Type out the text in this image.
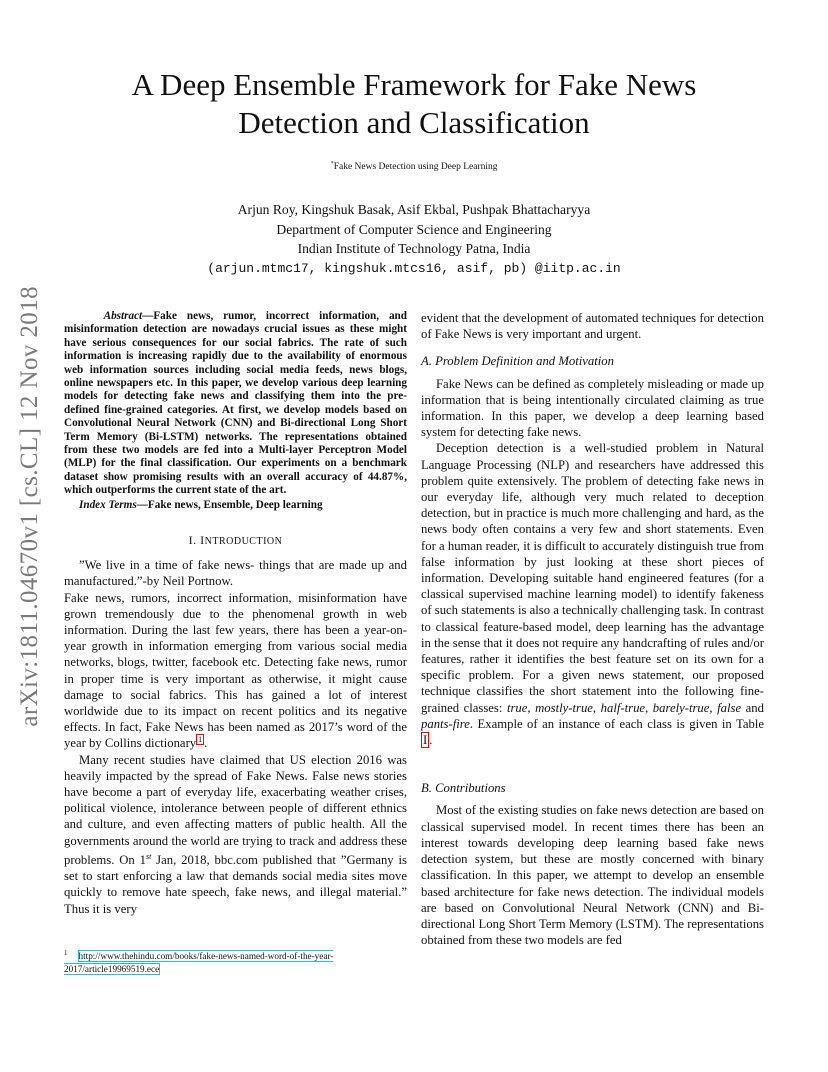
arXiv:1811.04670v1 [cs.CL] 12 Nov 2018
A Deep Ensemble Framework for Fake News
Detection and Classification
*Fake News Detection using Deep Learning
Arjun Roy, Kingshuk Basak, Asif Ekbal, Pushpak Bhattacharyya
Department of Computer Science and Engineering
Indian Institute of Technology Patna, India
(arjun.mtmc17, kingshuk.mtcs16, asif, pb) @iitp.ac.in

Abstract—Fake news, rumor, incorrect information, and misinformation detection are nowadays crucial issues as these might have serious consequences for our social fabrics. The rate of such information is increasing rapidly due to the availability of enormous web information sources including social media feeds, news blogs, online newspapers etc. In this paper, we develop various deep learning models for detecting fake news and classifying them into the pre-defined fine-grained categories. At first, we develop models based on Convolutional Neural Network (CNN) and Bi-directional Long Short Term Memory (Bi-LSTM) networks. The representations obtained from these two models are fed into a Multi-layer Perceptron Model (MLP) for the final classification. Our experiments on a benchmark dataset show promising results with an overall accuracy of 44.87%, which outperforms the current state of the art.

Index Terms—Fake news, Ensemble, Deep learning

I. INTRODUCTION

”We live in a time of fake news- things that are made up and manufactured.”-by Neil Portnow.

Fake news, rumors, incorrect information, misinformation have grown tremendously due to the phenomenal growth in web information. During the last few years, there has been a year-on-year growth in information emerging from various social media networks, blogs, twitter, facebook etc. Detecting fake news, rumor in proper time is very important as otherwise, it might cause damage to social fabrics. This has gained a lot of interest worldwide due to its impact on recent politics and its negative effects. In fact, Fake News has been named as 2017’s word of the year by Collins dictionary $^1$ .

Many recent studies have claimed that US election 2016 was heavily impacted by the spread of Fake News. False news stories have become a part of everyday life, exacerbating weather crises, political violence, intolerance between people of different ethnics and culture, and even affecting matters of public health. All the governments around the world are trying to track and address these problems. On 1st Jan, 2018, bbc.com published that ”Germany is set to start enforcing a law that demands social media sites move quickly to remove hate speech, fake news, and illegal material.” Thus it is very

$^1$ http://www.thehindu.com/books/fake-news-named-word-of-the-year-2017/article19969519.ece

evident that the development of automated techniques for detection of Fake News is very important and urgent.

A. Problem Definition and Motivation

Fake News can be defined as completely misleading or made up information that is being intentionally circulated claiming as true information. In this paper, we develop a deep learning based system for detecting fake news.

Deception detection is a well-studied problem in Natural Language Processing (NLP) and researchers have addressed this problem quite extensively. The problem of detecting fake news in our everyday life, although very much related to deception detection, but in practice is much more challenging and hard, as the news body often contains a very few and short statements. Even for a human reader, it is difficult to accurately distinguish true from false information by just looking at these short pieces of information. Developing suitable hand engineered features (for a classical supervised machine learning model) to identify fakeness of such statements is also a technically challenging task. In contrast to classical feature-based model, deep learning has the advantage in the sense that it does not require any handcrafting of rules and/or features, rather it identifies the best feature set on its own for a specific problem. For a given news statement, our proposed technique classifies the short statement into the following fine-grained classes: true, mostly-true, half-true, barely-true, false and pants-fire. Example of an instance of each class is given in Table I .

B. Contributions

Most of the existing studies on fake news detection are based on classical supervised model. In recent times there has been an interest towards developing deep learning based fake news detection system, but these are mostly concerned with binary classification. In this paper, we attempt to develop an ensemble based architecture for fake news detection. The individual models are based on Convolutional Neural Network (CNN) and Bi-directional Long Short Term Memory (LSTM). The representations obtained from these two models are fed
